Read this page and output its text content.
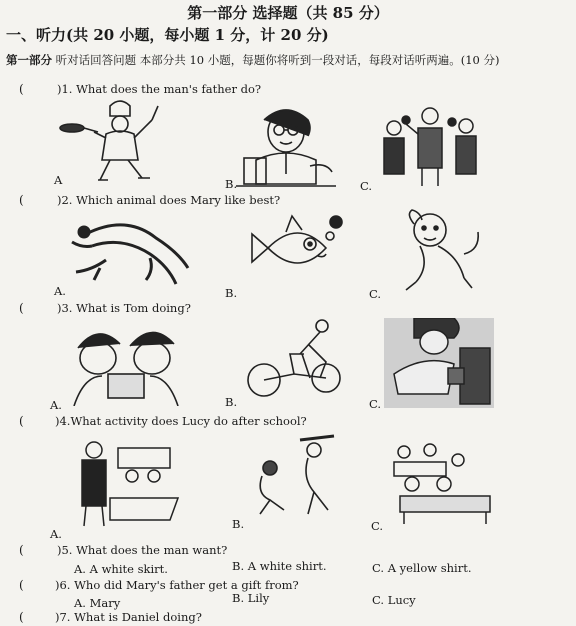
第一部分 选择题（共 85 分）
一、听力(共 20 小题，每小题 1 分，计 20 分)
第一部分 听对话回答问题 本部分共 10 小题，每题你将听到一段对话，每段对话听两遍。(10 分)
(	)1. What does the man's father do?
A	B.	C.
(	)2. Which animal does Mary like best?
A.	B.	C.
(	)3. What is Tom doing?
A.	B.	C.
(	)4.What activity does Lucy do after school?
A.
B.	C.
(	)5. What does the man want?
A. A white skirt.	B. A white shirt.	C. A yellow shirt.
(	)6. Who did Mary's father get a gift from?
A. Mary	B. Lily	C. Lucy
(	)7. What is Daniel doing?
